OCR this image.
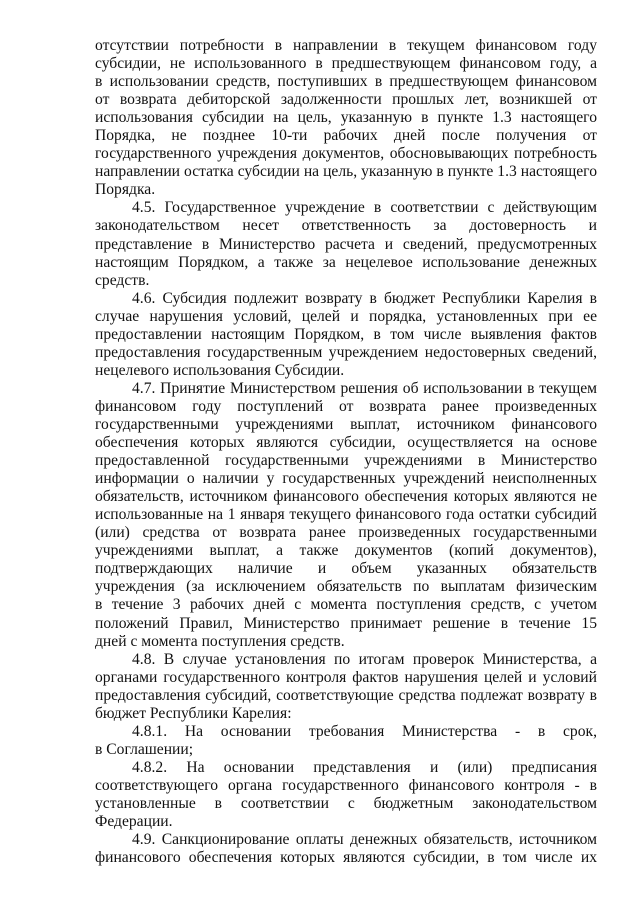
отсутствии потребности в направлении в текущем финансовом году
субсидии, не использованного в предшествующем финансовом году, а
в использовании средств, поступивших в предшествующем финансовом
от возврата дебиторской задолженности прошлых лет, возникшей от
использования субсидии на цель, указанную в пункте 1.3 настоящего
Порядка, не позднее 10-ти рабочих дней после получения от
государственного учреждения документов, обосновывающих потребность
направлении остатка субсидии на цель, указанную в пункте 1.3 настоящего
Порядка.
4.5. Государственное учреждение в соответствии с действующим
законодательством несет ответственность за достоверность и
представление в Министерство расчета и сведений, предусмотренных
настоящим Порядком, а также за нецелевое использование денежных
средств.
4.6. Субсидия подлежит возврату в бюджет Республики Карелия в
случае нарушения условий, целей и порядка, установленных при ее
предоставлении настоящим Порядком, в том числе выявления фактов
предоставления государственным учреждением недостоверных сведений,
нецелевого использования Субсидии.
4.7. Принятие Министерством решения об использовании в текущем
финансовом году поступлений от возврата ранее произведенных
государственными учреждениями выплат, источником финансового
обеспечения которых являются субсидии, осуществляется на основе
предоставленной государственными учреждениями в Министерство
информации о наличии у государственных учреждений неисполненных
обязательств, источником финансового обеспечения которых являются не
использованные на 1 января текущего финансового года остатки субсидий
(или) средства от возврата ранее произведенных государственными
учреждениями выплат, а также документов (копий документов),
подтверждающих наличие и объем указанных обязательств
учреждения (за исключением обязательств по выплатам физическим
в течение 3 рабочих дней с момента поступления средств, с учетом
положений Правил, Министерство принимает решение в течение 15
дней с момента поступления средств.
4.8. В случае установления по итогам проверок Министерства, а
органами государственного контроля фактов нарушения целей и условий
предоставления субсидий, соответствующие средства подлежат возврату в
бюджет Республики Карелия:
4.8.1. На основании требования Министерства - в срок,
в Соглашении;
4.8.2. На основании представления и (или) предписания
соответствующего органа государственного финансового контроля - в
установленные в соответствии с бюджетным законодательством
Федерации.
4.9. Санкционирование оплаты денежных обязательств, источником
финансового обеспечения которых являются субсидии, в том числе их
